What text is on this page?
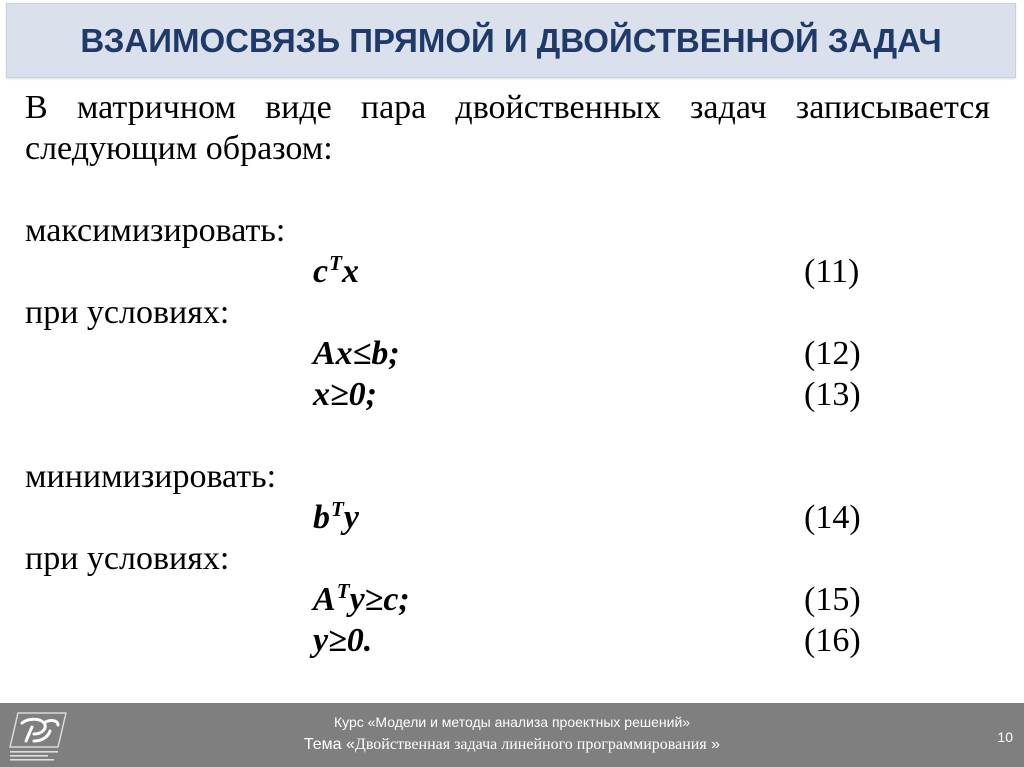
ВЗАИМОСВЯЗЬ ПРЯМОЙ И ДВОЙСТВЕННОЙ ЗАДАЧ

В матричном виде пара двойственных задач записывается следующим образом:

максимизировать:
$c^Tx$	(11)
при условиях:
Ax≤b;	(12)
x≥0;	(13)
минимизировать:
$b^Ty$	(14)
при условиях:
$A^Ty\ge c$;	(15)
y≥0.	(16)
Курс «Модели и методы анализа проектных решений»
Тема «Двойственная задача линейного программирования »	10
